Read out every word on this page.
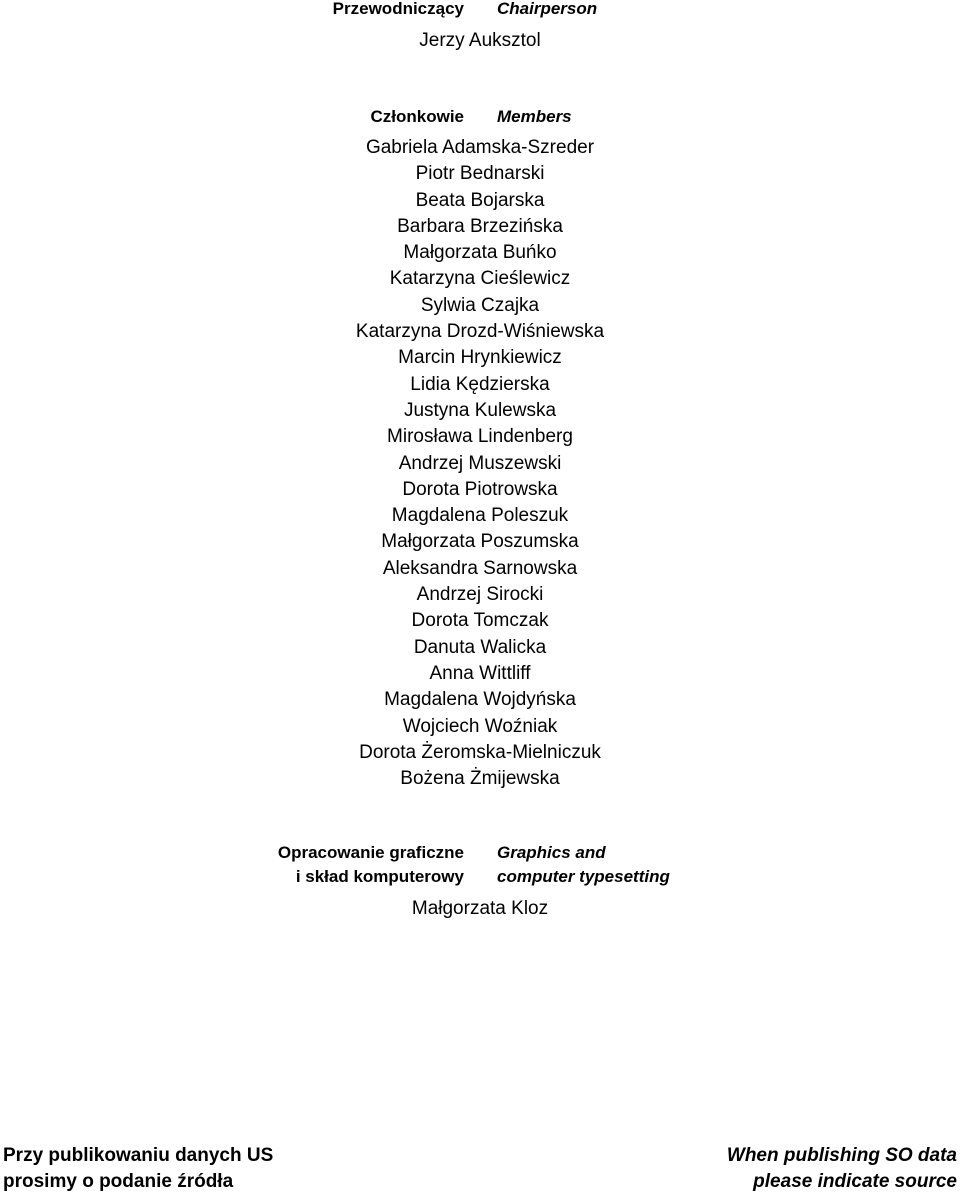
Przewodniczący Chairperson
Jerzy Auksztol
Członkowie Members
Gabriela Adamska-Szreder
Piotr Bednarski
Beata Bojarska
Barbara Brzezińska
Małgorzata Buńko
Katarzyna Cieślewicz
Sylwia Czajka
Katarzyna Drozd-Wiśniewska
Marcin Hrynkiewicz
Lidia Kędzierska
Justyna Kulewska
Mirosława Lindenberg
Andrzej Muszewski
Dorota Piotrowska
Magdalena Poleszuk
Małgorzata Poszumska
Aleksandra Sarnowska
Andrzej Sirocki
Dorota Tomczak
Danuta Walicka
Anna Wittliff
Magdalena Wojdyńska
Wojciech Woźniak
Dorota Żeromska-Mielniczuk
Bożena Żmijewska
Opracowanie graficzne
i skład komputerowy
Graphics and
computer typesetting
Małgorzata Kloz
Przy publikowaniu danych US
prosimy o podanie źródła
When publishing SO data
please indicate source
